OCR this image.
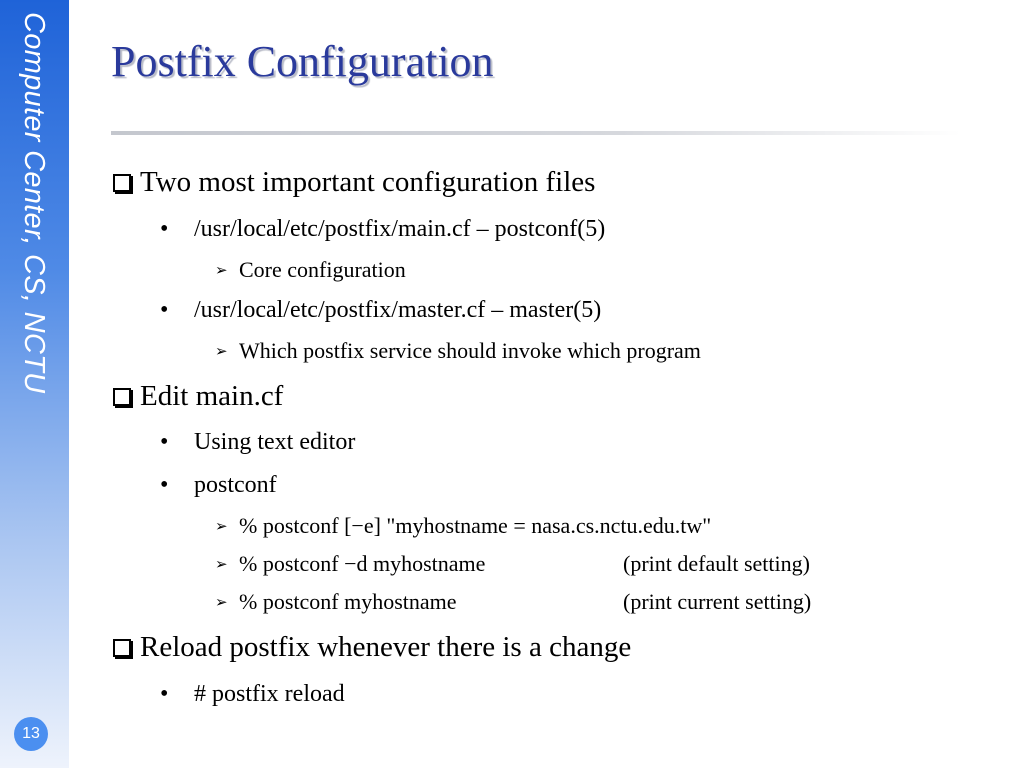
Computer Center, CS, NCTU
13
Postfix Configuration
Two most important configuration files
• /usr/local/etc/postfix/main.cf – postconf(5)
➢ Core configuration
• /usr/local/etc/postfix/master.cf – master(5)
➢ Which postfix service should invoke which program
Edit main.cf
• Using text editor
• postconf
➢ % postconf [−e] "myhostname = nasa.cs.nctu.edu.tw"
➢ % postconf −d myhostname	(print default setting)
➢ % postconf myhostname	(print current setting)
Reload postfix whenever there is a change
• # postfix reload
